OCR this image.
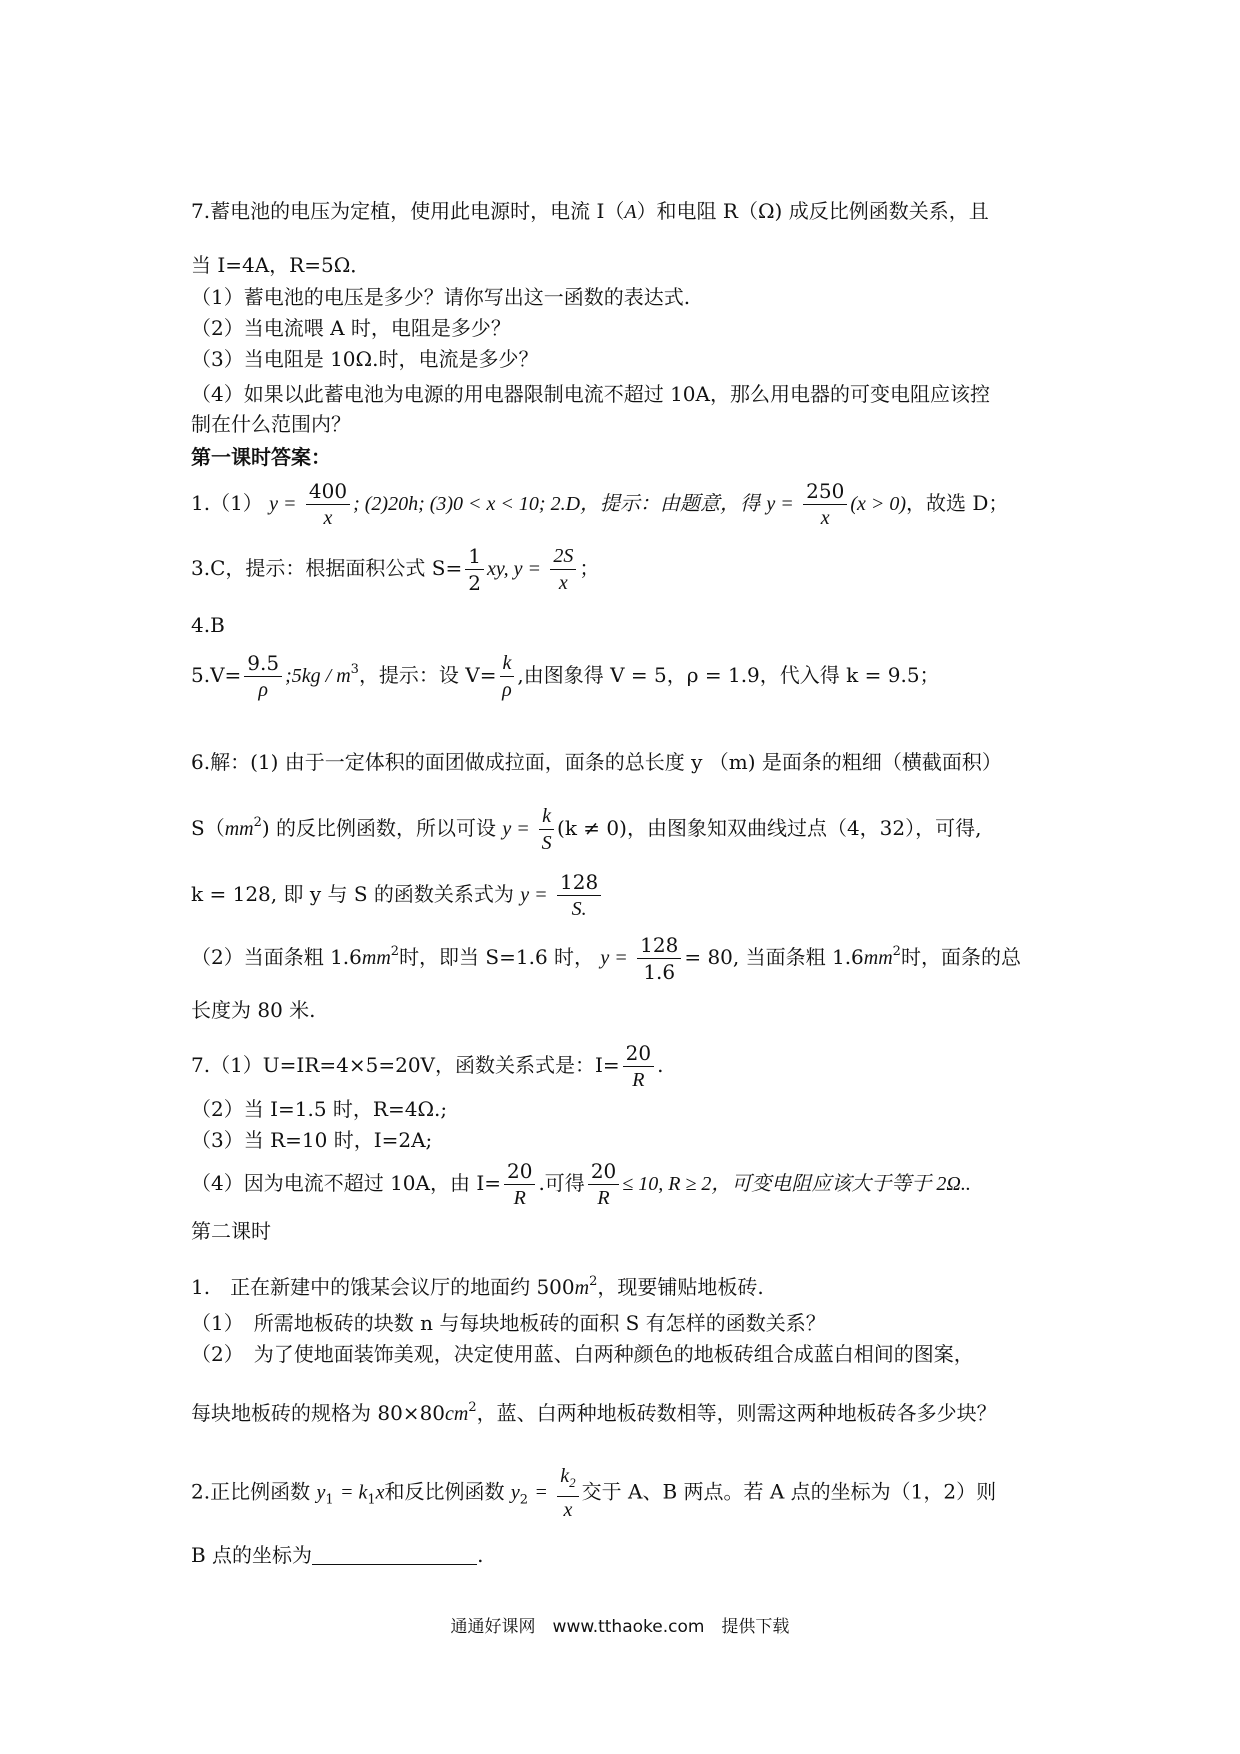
7.蓄电池的电压为定植，使用此电源时，电流 I（A）和电阻 R（Ω) 成反比例函数关系，且
当 I=4A，R=5Ω．
（1）蓄电池的电压是多少？请你写出这一函数的表达式.
（2）当电流喂 A 时，电阻是多少？
（3）当电阻是 10Ω.时，电流是多少？
（4）如果以此蓄电池为电源的用电器限制电流不超过 10A，那么用电器的可变电阻应该控
制在什么范围内？
第一课时答案：
1.（1） $y = \frac{400}{x}$ ; (2)20h; (3)0 < x < 10; 2.D，提示：由题意，得 $y = \frac{250}{x} (x > 0)$，故选 D；
3.C，提示：根据面积公式 $S= \frac{1}{2}$ xy, $y = \frac{2S}{x}$ ；
4.B
$5.V= \frac{9.5}{\rho}$ ;5kg / $m^3$，提示：设 $V= \frac{k}{\rho}$ ,由图象得 V = 5，ρ = 1.9，代入得 k = 9.5；
6.解：(1) 由于一定体积的面团做成拉面，面条的总长度 y （m) 是面条的粗细（横截面积）
$S(mm^2)$ 的反比例函数，所以可设 $y = \frac{k}{S} (k \ne 0)$，由图象知双曲线过点（4，32），可得,
k = 128, 即 y 与 S 的函数关系式为 $y = \frac{128}{S.}$
（2）当面条粗 $1.6mm^2$时，即当 S=1.6 时， $y = \frac{128}{1.6} = 80$, 当面条粗 $1.6mm^2$时，面条的总
长度为 80 米.
7.（1）U=IR=4×5=20V，函数关系式是：$I= \frac{20}{R}$ .
（2）当 I=1.5 时，R=4Ω.;
（3）当 R=10 时，I=2A;
（4）因为电流不超过 10A，由 $I= \frac{20}{R}$ .可得 $\frac{20}{R} \le 10$, R ≥ 2，可变电阻应该大于等于 2Ω..
第二课时
1.　正在新建中的饿某会议厅的地面约 $500m^2$，现要铺贴地板砖.
（1）　所需地板砖的块数 n 与每块地板砖的面积 S 有怎样的函数关系？
（2）　为了使地面装饰美观，决定使用蓝、白两种颜色的地板砖组合成蓝白相间的图案，
每块地板砖的规格为 $80\times 80cm^2$，蓝、白两种地板砖数相等，则需这两种地板砖各多少块？
2.正比例函数 $y_1 = k_1x$和反比例函数 $y_2 = \frac{k_2}{x}$ 交于 A、B 两点。若 A 点的坐标为（1，2）则
B 点的坐标为	.
通通好课网　www.tthaoke.com　提供下载
